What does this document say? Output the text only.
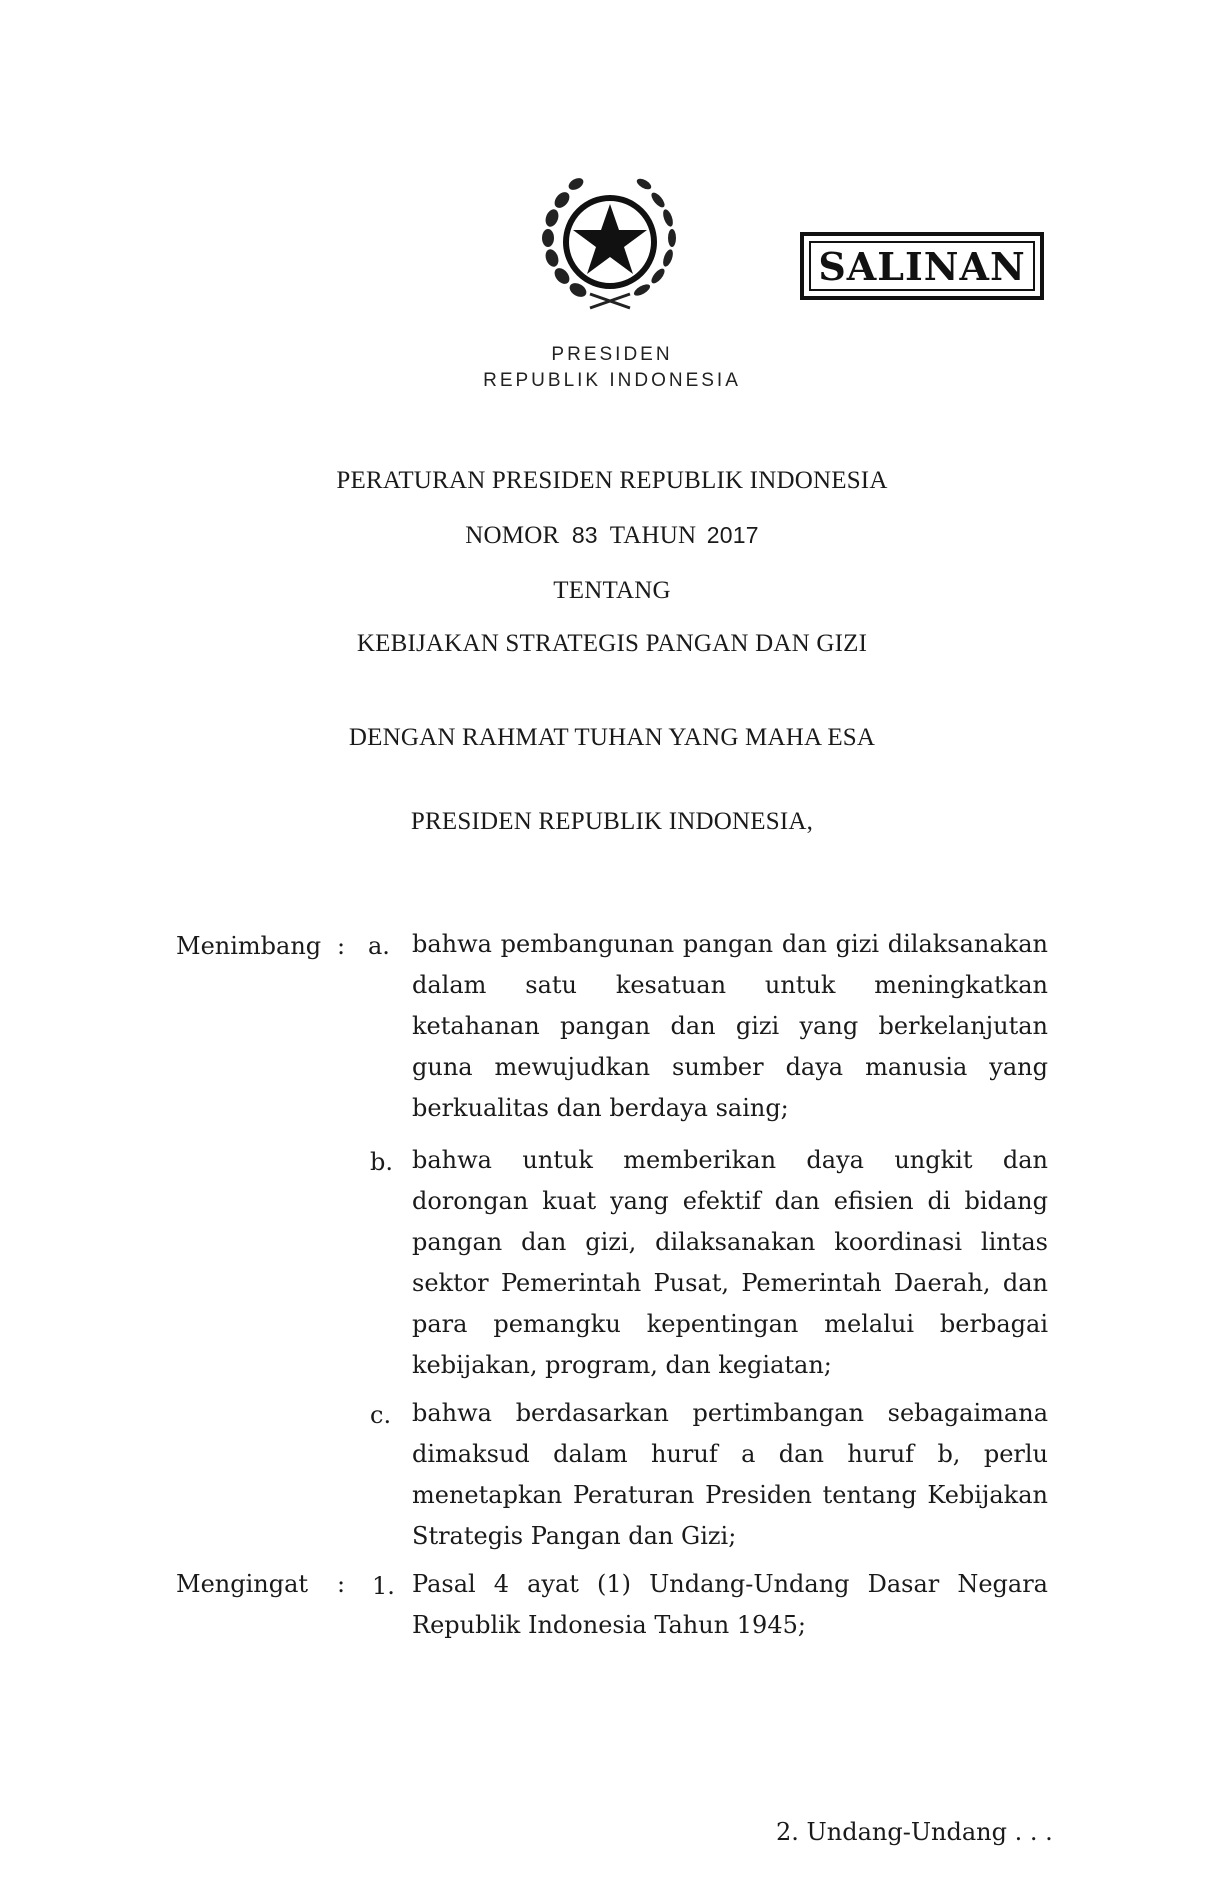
SALINAN
PRESIDEN
REPUBLIK INDONESIA
PERATURAN PRESIDEN REPUBLIK INDONESIA
NOMOR 83 TAHUN 2017
TENTANG
KEBIJAKAN STRATEGIS PANGAN DAN GIZI
DENGAN RAHMAT TUHAN YANG MAHA ESA
PRESIDEN REPUBLIK INDONESIA,
Menimbang : a. bahwa pembangunan pangan dan gizi dilaksanakan dalam satu kesatuan untuk meningkatkan ketahanan pangan dan gizi yang berkelanjutan guna mewujudkan sumber daya manusia yang berkualitas dan berdaya saing;
b. bahwa untuk memberikan daya ungkit dan dorongan kuat yang efektif dan efisien di bidang pangan dan gizi, dilaksanakan koordinasi lintas sektor Pemerintah Pusat, Pemerintah Daerah, dan para pemangku kepentingan melalui berbagai kebijakan, program, dan kegiatan;
c. bahwa berdasarkan pertimbangan sebagaimana dimaksud dalam huruf a dan huruf b, perlu menetapkan Peraturan Presiden tentang Kebijakan Strategis Pangan dan Gizi;
Mengingat : 1. Pasal 4 ayat (1) Undang-Undang Dasar Negara Republik Indonesia Tahun 1945;
2. Undang-Undang . . .
